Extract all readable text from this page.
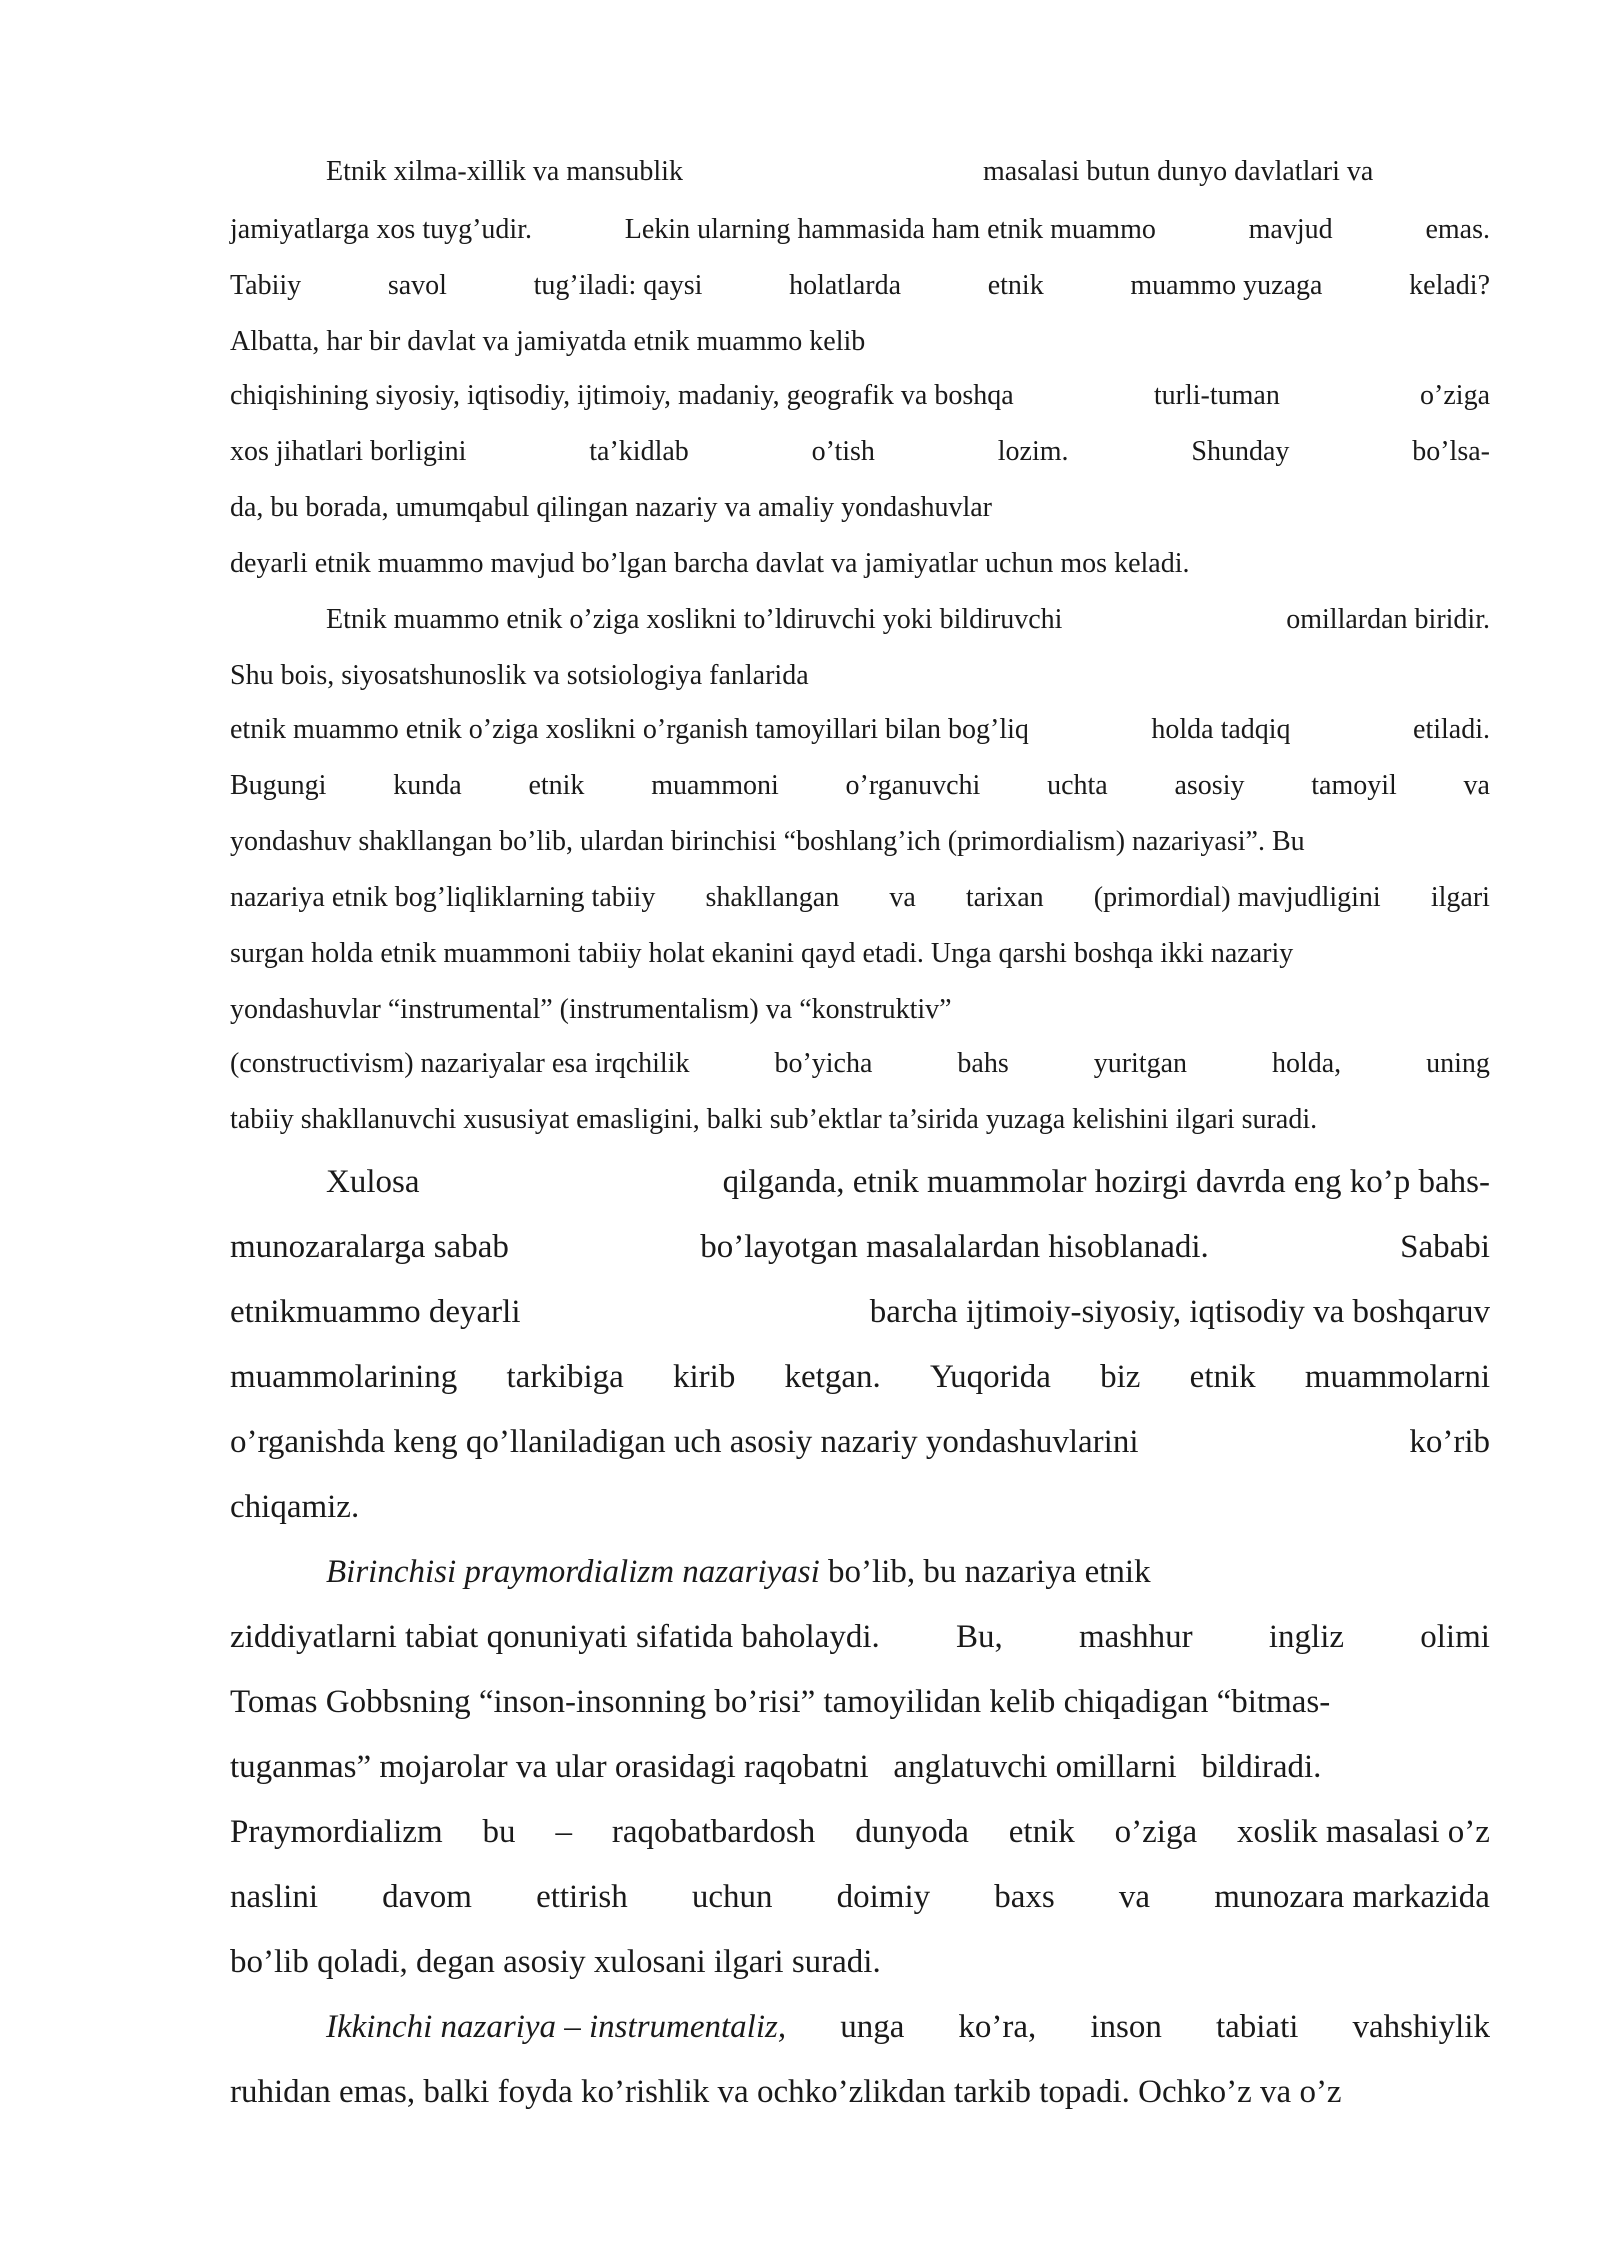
Etnik xilma-xillik va mansublik	masalasi butun dunyo davlatlari va
jamiyatlarga xos tuyg’udir.	Lekin ularning hammasida ham etnik muammo	mavjud	emas.
Tabiiy	savol	tug’iladi: qaysi	holatlarda	etnik	muammo yuzaga	keladi?
Albatta, har bir davlat va jamiyatda etnik muammo kelib
chiqishining siyosiy, iqtisodiy, ijtimoiy, madaniy, geografik va boshqa	turli-tuman	o’ziga
xos jihatlari borligini	ta’kidlab	o’tish	lozim.	Shunday	bo’lsa-
da, bu borada, umumqabul qilingan nazariy va amaliy yondashuvlar
deyarli etnik muammo mavjud bo’lgan barcha davlat va jamiyatlar uchun mos keladi.
Etnik muammo etnik o’ziga xoslikni to’ldiruvchi yoki bildiruvchi	omillardan biridir.
Shu bois, siyosatshunoslik va sotsiologiya fanlarida
etnik muammo etnik o’ziga xoslikni o’rganish tamoyillari bilan bog’liq	holda tadqiq	etiladi.
Bugungi kunda etnik muammoni o’rganuvchi uchta asosiy tamoyil va
yondashuv shakllangan bo’lib, ulardan birinchisi “boshlang’ich (primordialism) nazariyasi”. Bu
nazariya etnik bog’liqliklarning tabiiy shakllangan va tarixan (primordial) mavjudligini ilgari
surgan holda etnik muammoni tabiiy holat ekanini qayd etadi. Unga qarshi boshqa ikki nazariy
yondashuvlar “instrumental” (instrumentalism) va “konstruktiv”
(constructivism) nazariyalar esa irqchilik	bo’yicha	bahs	yuritgan	holda,	uning
tabiiy shakllanuvchi xususiyat emasligini, balki sub’ektlar ta’sirida yuzaga kelishini ilgari suradi.
Xulosa	qilganda, etnik muammolar hozirgi davrda eng ko’p bahs-
munozaralarga sabab	bo’layotgan masalalardan hisoblanadi.	Sababi
etnikmuammo deyarli	barcha ijtimoiy-siyosiy, iqtisodiy va boshqaruv
muammolarining tarkibiga kirib ketgan. Yuqorida biz etnik muammolarni
o’rganishda keng qo’llaniladigan uch asosiy nazariy yondashuvlarini	ko’rib
chiqamiz.
Birinchisi praymordializm nazariyasi bo’lib, bu nazariya etnik
ziddiyatlarni tabiat qonuniyati sifatida baholaydi. Bu, mashhur ingliz olimi
Tomas Gobbsning “inson-insonning bo’risi” tamoyilidan kelib chiqadigan “bitmas-
tuganmas” mojarolar va ular orasidagi raqobatni   anglatuvchi omillarni   bildiradi.
Praymordializm bu – raqobatbardosh dunyoda etnik o’ziga xoslik masalasi o’z
naslini davom ettirish uchun doimiy baxs va munozara markazida
bo’lib qoladi, degan asosiy xulosani ilgari suradi.
Ikkinchi nazariya – instrumentaliz, unga ko’ra, inson tabiati vahshiylik
ruhidan emas, balki foyda ko’rishlik va ochko’zlikdan tarkib topadi. Ochko’z va o’z
